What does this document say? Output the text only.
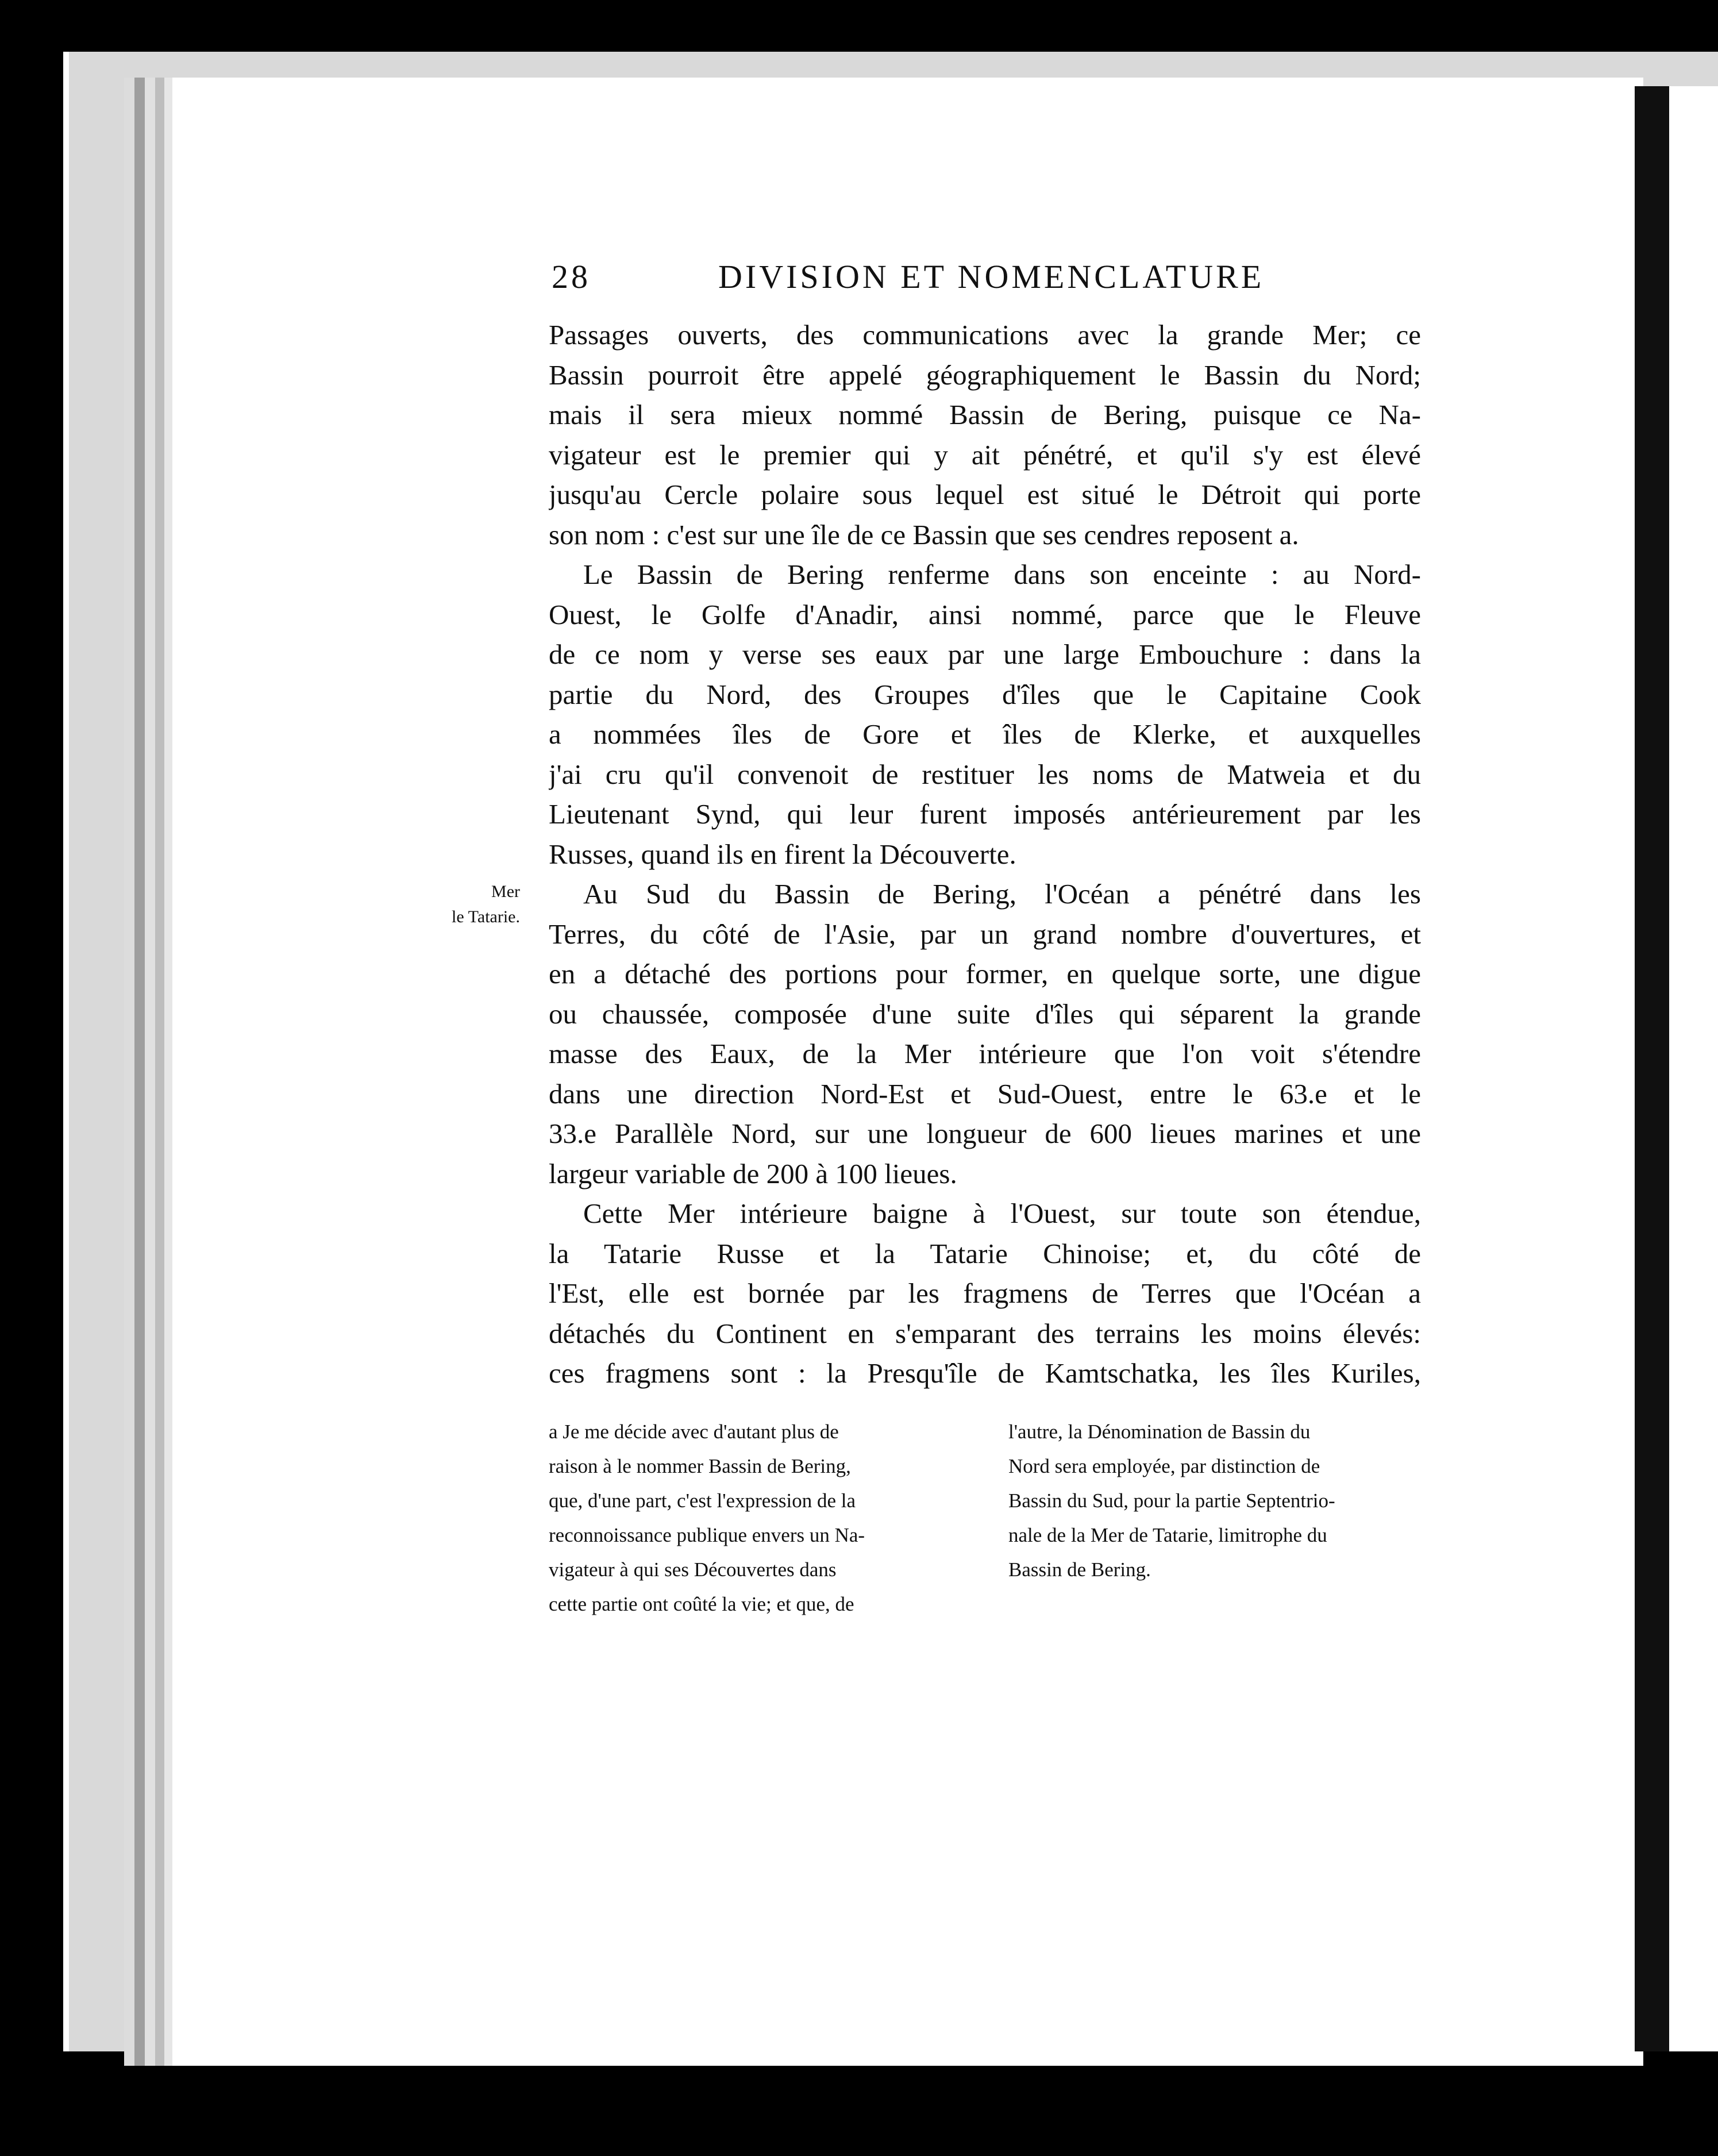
28	DIVISION ET NOMENCLATURE
Mer
le Tatarie.
Passages ouverts, des communications avec la grande Mer; ce
Bassin pourroit être appelé géographiquement le Bassin du Nord;
mais il sera mieux nommé Bassin de Bering, puisque ce Na-
vigateur est le premier qui y ait pénétré, et qu'il s'y est élevé
jusqu'au Cercle polaire sous lequel est situé le Détroit qui porte
son nom : c'est sur une île de ce Bassin que ses cendres reposent a.
Le Bassin de Bering renferme dans son enceinte : au Nord-
Ouest, le Golfe d'Anadir, ainsi nommé, parce que le Fleuve
de ce nom y verse ses eaux par une large Embouchure : dans la
partie du Nord, des Groupes d'îles que le Capitaine Cook
a nommées îles de Gore et îles de Klerke, et auxquelles
j'ai cru qu'il convenoit de restituer les noms de Matweia et du
Lieutenant Synd, qui leur furent imposés antérieurement par les
Russes, quand ils en firent la Découverte.
Au Sud du Bassin de Bering, l'Océan a pénétré dans les
Terres, du côté de l'Asie, par un grand nombre d'ouvertures, et
en a détaché des portions pour former, en quelque sorte, une digue
ou chaussée, composée d'une suite d'îles qui séparent la grande
masse des Eaux, de la Mer intérieure que l'on voit s'étendre
dans une direction Nord-Est et Sud-Ouest, entre le 63.e et le
33.e Parallèle Nord, sur une longueur de 600 lieues marines et une
largeur variable de 200 à 100 lieues.
Cette Mer intérieure baigne à l'Ouest, sur toute son étendue,
la Tatarie Russe et la Tatarie Chinoise; et, du côté de
l'Est, elle est bornée par les fragmens de Terres que l'Océan a
détachés du Continent en s'emparant des terrains les moins élevés:
ces fragmens sont : la Presqu'île de Kamtschatka, les îles Kuriles,
a Je me décide avec d'autant plus de
raison à le nommer Bassin de Bering,
que, d'une part, c'est l'expression de la
reconnoissance publique envers un Na-
vigateur à qui ses Découvertes dans
cette partie ont coûté la vie; et que, de
l'autre, la Dénomination de Bassin du
Nord sera employée, par distinction de
Bassin du Sud, pour la partie Septentrio-
nale de la Mer de Tatarie, limitrophe du
Bassin de Bering.
